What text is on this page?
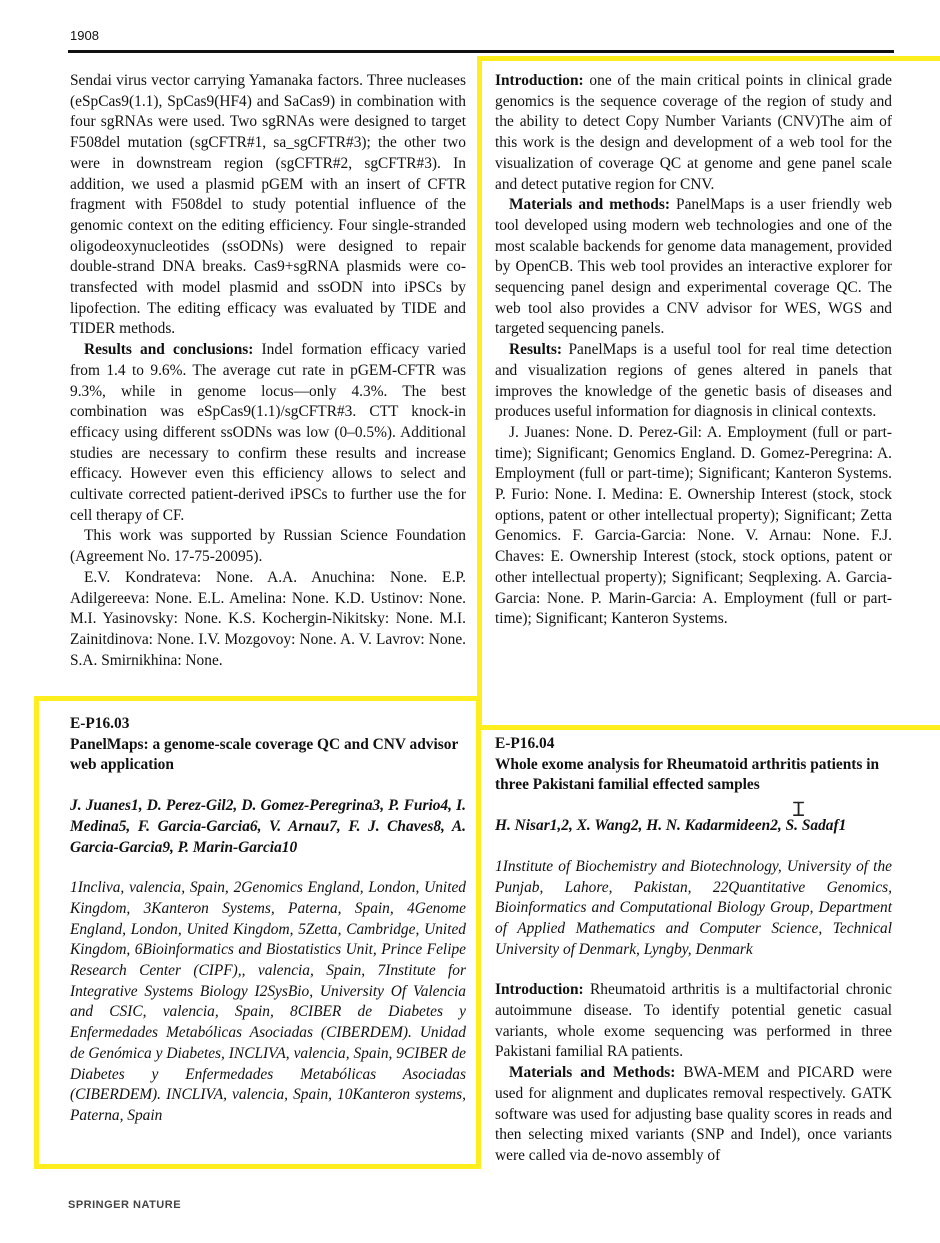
1908

Sendai virus vector carrying Yamanaka factors. Three nucleases (eSpCas9(1.1), SpCas9(HF4) and SaCas9) in combination with four sgRNAs were used. Two sgRNAs were designed to target F508del mutation (sgCFTR#1, sa_sgCFTR#3); the other two were in downstream region (sgCFTR#2, sgCFTR#3). In addition, we used a plasmid pGEM with an insert of CFTR fragment with F508del to study potential influence of the genomic context on the editing efficiency. Four single-stranded oligodeoxynucleotides (ssODNs) were designed to repair double-strand DNA breaks. Cas9+sgRNA plasmids were co-transfected with model plasmid and ssODN into iPSCs by lipofection. The editing efficacy was evaluated by TIDE and TIDER methods.

Results and conclusions: Indel formation efficacy varied from 1.4 to 9.6%. The average cut rate in pGEM-CFTR was 9.3%, while in genome locus—only 4.3%. The best combination was eSpCas9(1.1)/sgCFTR#3. CTT knock-in efficacy using different ssODNs was low (0–0.5%). Additional studies are necessary to confirm these results and increase efficacy. However even this efficiency allows to select and cultivate corrected patient-derived iPSCs to further use the for cell therapy of CF.

This work was supported by Russian Science Foundation (Agreement No. 17-75-20095).

E.V. Kondrateva: None. A.A. Anuchina: None. E.P. Adilgereeva: None. E.L. Amelina: None. K.D. Ustinov: None. M.I. Yasinovsky: None. K.S. Kochergin-Nikitsky: None. M.I. Zainitdinova: None. I.V. Mozgovoy: None. A. V. Lavrov: None. S.A. Smirnikhina: None.

Introduction: one of the main critical points in clinical grade genomics is the sequence coverage of the region of study and the ability to detect Copy Number Variants (CNV)The aim of this work is the design and development of a web tool for the visualization of coverage QC at genome and gene panel scale and detect putative region for CNV.

Materials and methods: PanelMaps is a user friendly web tool developed using modern web technologies and one of the most scalable backends for genome data management, provided by OpenCB. This web tool provides an interactive explorer for sequencing panel design and experimental coverage QC. The web tool also provides a CNV advisor for WES, WGS and targeted sequencing panels.

Results: PanelMaps is a useful tool for real time detection and visualization regions of genes altered in panels that improves the knowledge of the genetic basis of diseases and produces useful information for diagnosis in clinical contexts.

J. Juanes: None. D. Perez-Gil: A. Employment (full or part-time); Significant; Genomics England. D. Gomez-Peregrina: A. Employment (full or part-time); Significant; Kanteron Systems. P. Furio: None. I. Medina: E. Ownership Interest (stock, stock options, patent or other intellectual property); Significant; Zetta Genomics. F. Garcia-Garcia: None. V. Arnau: None. F.J. Chaves: E. Ownership Interest (stock, stock options, patent or other intellectual property); Significant; Seqplexing. A. Garcia-Garcia: None. P. Marin-Garcia: A. Employment (full or part-time); Significant; Kanteron Systems.

E-P16.03

PanelMaps: a genome-scale coverage QC and CNV advisor web application

J. Juanes1, D. Perez-Gil2, D. Gomez-Peregrina3, P. Furio4, I. Medina5, F. Garcia-Garcia6, V. Arnau7, F. J. Chaves8, A. Garcia-Garcia9, P. Marin-Garcia10

1Incliva, valencia, Spain, 2Genomics England, London, United Kingdom, 3Kanteron Systems, Paterna, Spain, 4Genome England, London, United Kingdom, 5Zetta, Cambridge, United Kingdom, 6Bioinformatics and Biostatistics Unit, Prince Felipe Research Center (CIPF),, valencia, Spain, 7Institute for Integrative Systems Biology I2SysBio, University Of Valencia and CSIC, valencia, Spain, 8CIBER de Diabetes y Enfermedades Metabólicas Asociadas (CIBERDEM). Unidad de Genómica y Diabetes, INCLIVA, valencia, Spain, 9CIBER de Diabetes y Enfermedades Metabólicas Asociadas (CIBERDEM). INCLIVA, valencia, Spain, 10Kanteron systems, Paterna, Spain

E-P16.04

Whole exome analysis for Rheumatoid arthritis patients in three Pakistani familial effected samples

H. Nisar1,2, X. Wang2, H. N. Kadarmideen2, S. Sadaf1

1Institute of Biochemistry and Biotechnology, University of the Punjab, Lahore, Pakistan, 22Quantitative Genomics, Bioinformatics and Computational Biology Group, Department of Applied Mathematics and Computer Science, Technical University of Denmark, Lyngby, Denmark

Introduction: Rheumatoid arthritis is a multifactorial chronic autoimmune disease. To identify potential genetic casual variants, whole exome sequencing was performed in three Pakistani familial RA patients.

Materials and Methods: BWA-MEM and PICARD were used for alignment and duplicates removal respectively. GATK software was used for adjusting base quality scores in reads and then selecting mixed variants (SNP and Indel), once variants were called via de-novo assembly of

Ɪ
SPRINGER NATURE
